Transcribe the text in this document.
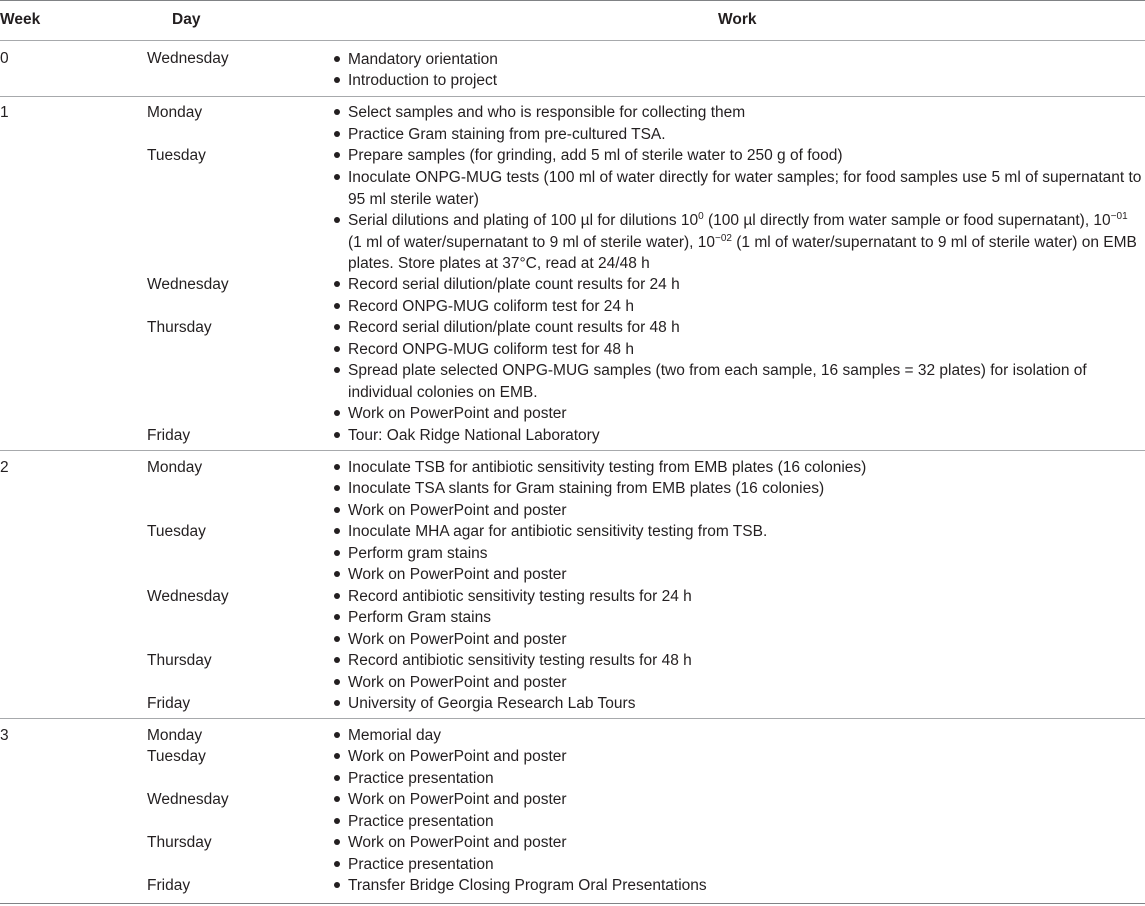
Week	Day	Work
0	Wednesday	Mandatory orientation
Introduction to project
1	Monday	Select samples and who is responsible for collecting them
Practice Gram staining from pre-cultured TSA.
Tuesday	Prepare samples (for grinding, add 5 ml of sterile water to 250 g of food)
Inoculate ONPG-MUG tests (100 ml of water directly for water samples; for food samples use 5 ml of supernatant to 95 ml sterile water)
Serial dilutions and plating of 100 µl for dilutions $10^0$ (100 µl directly from water sample or food supernatant), $10^{-01}$ (1 ml of water/supernatant to 9 ml of sterile water), $10^{-02}$ (1 ml of water/supernatant to 9 ml of sterile water) on EMB plates. Store plates at 37°C, read at 24/48 h
Wednesday	Record serial dilution/plate count results for 24 h
Record ONPG-MUG coliform test for 24 h
Thursday	Record serial dilution/plate count results for 48 h
Record ONPG-MUG coliform test for 48 h
Spread plate selected ONPG-MUG samples (two from each sample, 16 samples = 32 plates) for isolation of individual colonies on EMB.
Work on PowerPoint and poster
Friday	Tour: Oak Ridge National Laboratory
2	Monday	Inoculate TSB for antibiotic sensitivity testing from EMB plates (16 colonies)
Inoculate TSA slants for Gram staining from EMB plates (16 colonies)
Work on PowerPoint and poster
Tuesday	Inoculate MHA agar for antibiotic sensitivity testing from TSB.
Perform gram stains
Work on PowerPoint and poster
Wednesday	Record antibiotic sensitivity testing results for 24 h
Perform Gram stains
Work on PowerPoint and poster
Thursday	Record antibiotic sensitivity testing results for 48 h
Work on PowerPoint and poster
Friday	University of Georgia Research Lab Tours
3	Monday	Memorial day
Tuesday	Work on PowerPoint and poster
Practice presentation
Wednesday	Work on PowerPoint and poster
Practice presentation
Thursday	Work on PowerPoint and poster
Practice presentation
Friday	Transfer Bridge Closing Program Oral Presentations
